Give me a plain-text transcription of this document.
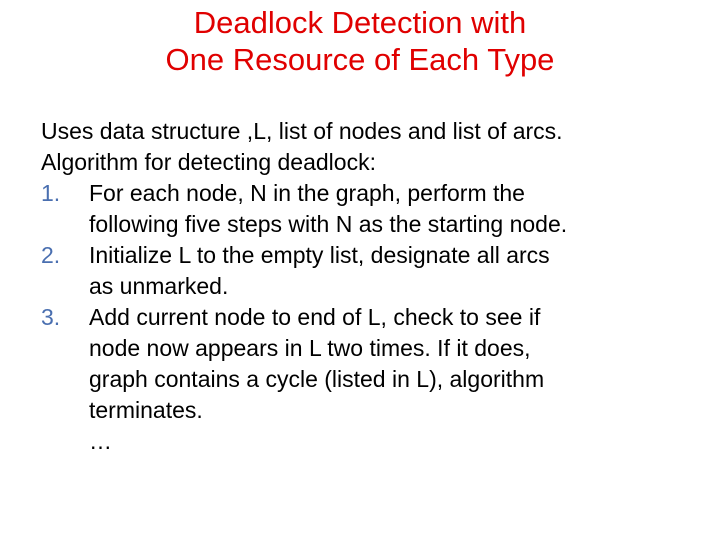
Deadlock Detection with
One Resource of Each Type
Uses data structure ,L, list of nodes and list of arcs.
Algorithm for detecting deadlock:
1. For each node, N in the graph, perform the
following five steps with N as the starting node.
2. Initialize L to the empty list, designate all arcs
as unmarked.
3. Add current node to end of L, check to see if
node now appears in L two times. If it does,
graph contains a cycle (listed in L), algorithm
terminates.
…
